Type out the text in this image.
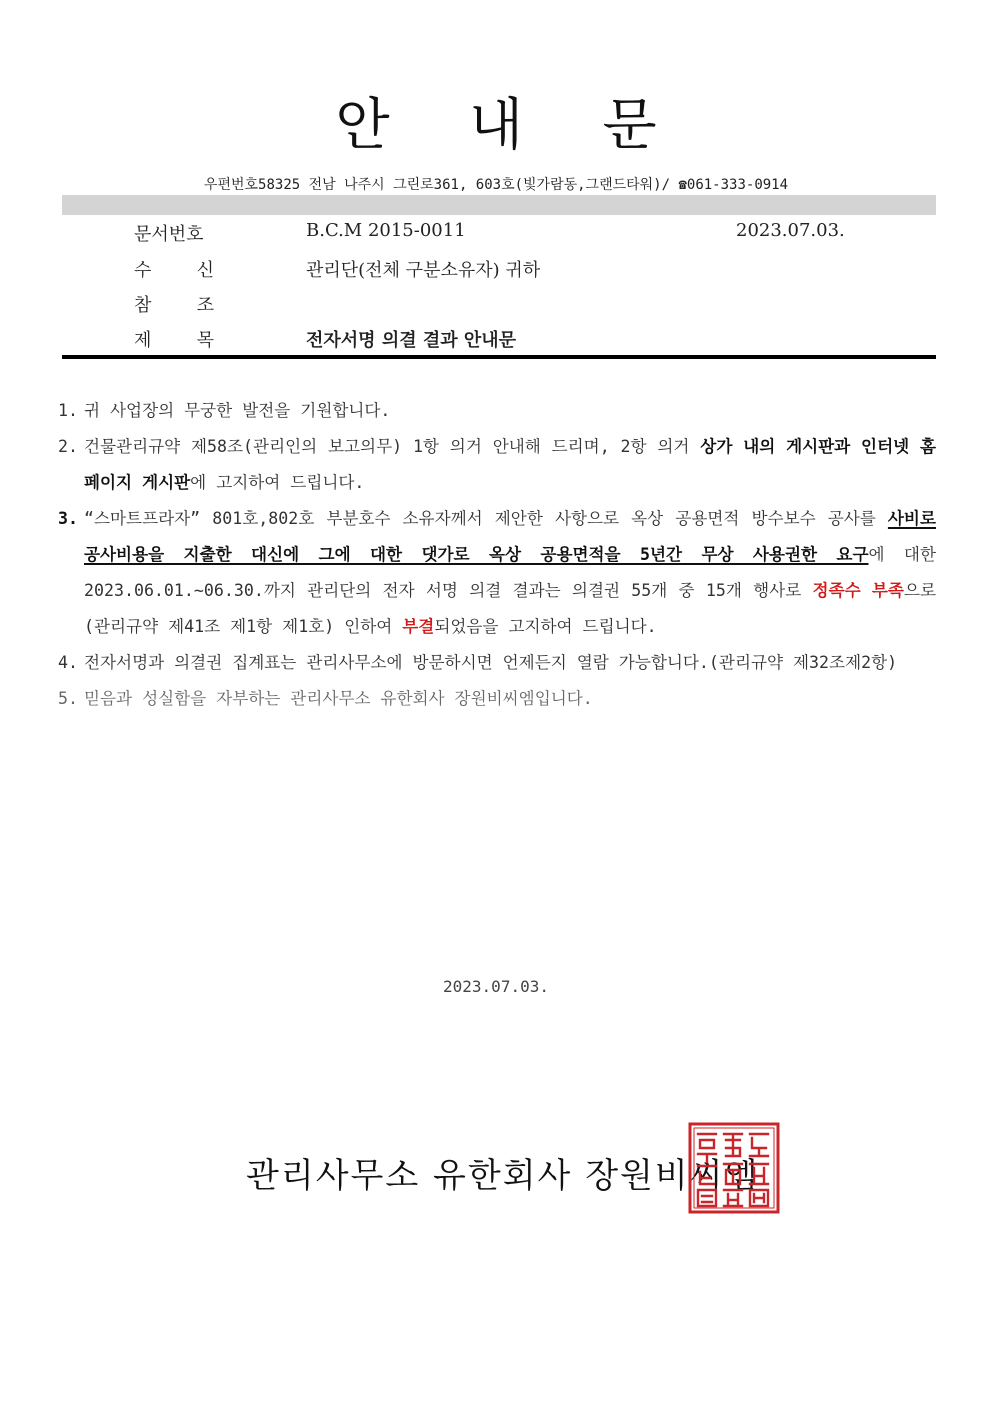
안 내 문
우편번호58325 전남 나주시 그린로361, 603호(빛가람동,그랜드타워)/ ☎061-333-0914
문서번호	B.C.M 2015-0011	2023.07.03.
수	신	관리단(전체 구분소유자) 귀하
참	조
제	목	전자서명 의결 결과 안내문
1. 귀 사업장의 무궁한 발전을 기원합니다.
2. 건물관리규약 제58조(관리인의 보고의무) 1항 의거 안내해 드리며, 2항 의거 상가 내의 게시판과 인터넷 홈페이지 게시판에 고지하여 드립니다.
3. “스마트프라자” 801호,802호 부분호수 소유자께서 제안한 사항으로 옥상 공용면적 방수보수 공사를 사비로 공사비용을 지출한 대신에 그에 대한 댓가로 옥상 공용면적을 5년간 무상 사용권한 요구에 대한 2023.06.01.~06.30.까지 관리단의 전자 서명 의결 결과는 의결권 55개 중 15개 행사로 정족수 부족으로(관리규약 제41조 제1항 제1호) 인하여 부결되었음을 고지하여 드립니다.
4. 전자서명과 의결권 집계표는 관리사무소에 방문하시면 언제든지 열람 가능합니다.(관리규약 제32조제2항)
5. 믿음과 성실함을 자부하는 관리사무소 유한회사 장원비씨엠입니다.
2023.07.03.
관리사무소 유한회사 장원비씨엠
